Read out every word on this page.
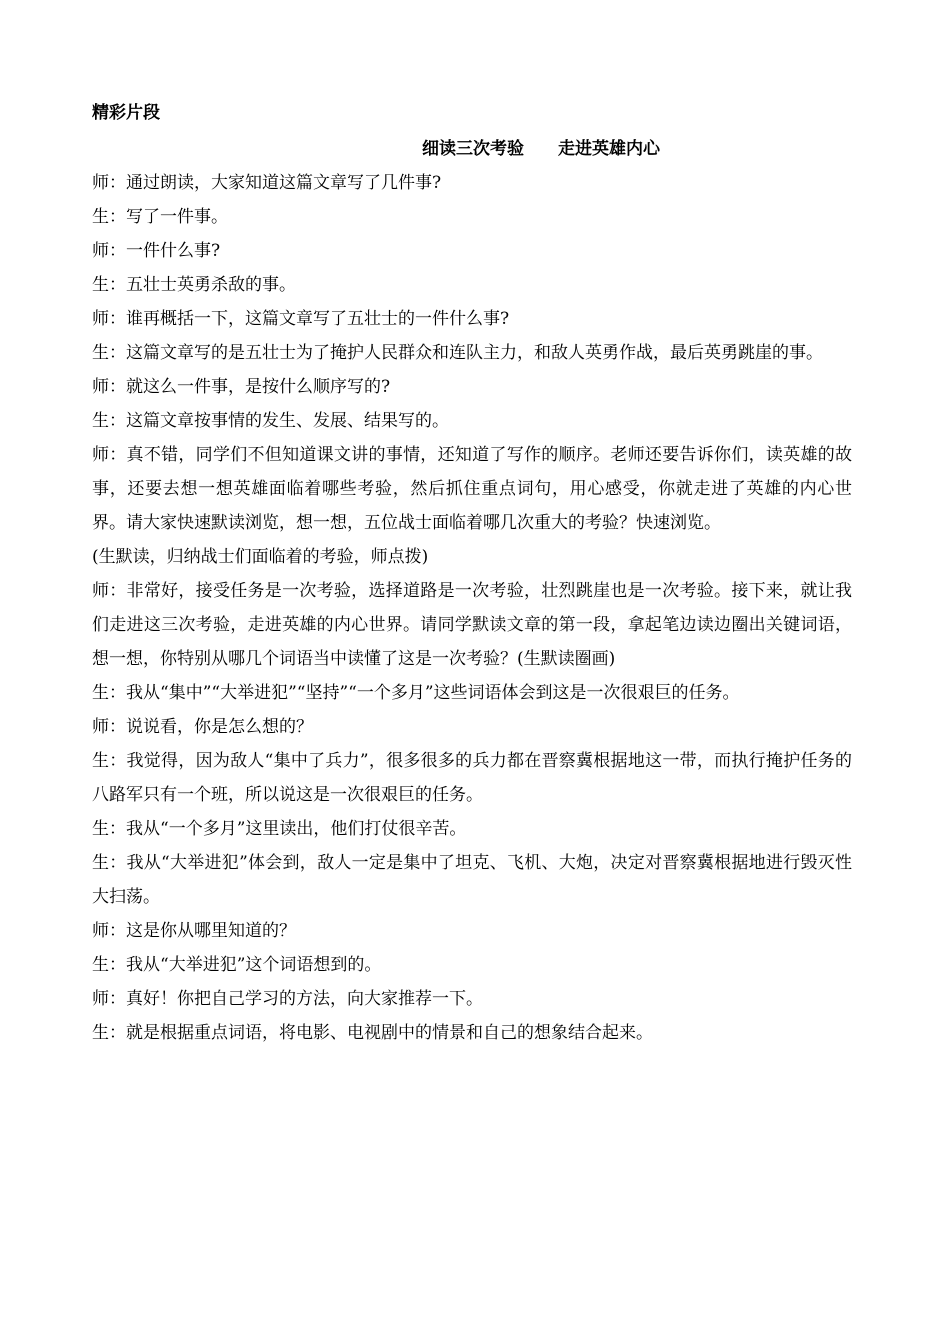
精彩片段
细读三次考验 走进英雄内心

师：通过朗读，大家知道这篇文章写了几件事?

生：写了一件事。

师：一件什么事?

生：五壮士英勇杀敌的事。

师：谁再概括一下，这篇文章写了五壮士的一件什么事?

生：这篇文章写的是五壮士为了掩护人民群众和连队主力，和敌人英勇作战，最后英勇跳崖的事。

师：就这么一件事，是按什么顺序写的?

生：这篇文章按事情的发生、发展、结果写的。

师：真不错，同学们不但知道课文讲的事情，还知道了写作的顺序。老师还要告诉你们，读英雄的故事，还要去想一想英雄面临着哪些考验，然后抓住重点词句，用心感受，你就走进了英雄的内心世界。请大家快速默读浏览，想一想，五位战士面临着哪几次重大的考验？快速浏览。

(生默读，归纳战士们面临着的考验，师点拨)

师：非常好，接受任务是一次考验，选择道路是一次考验，壮烈跳崖也是一次考验。接下来，就让我们走进这三次考验，走进英雄的内心世界。请同学默读文章的第一段，拿起笔边读边圈出关键词语，想一想，你特别从哪几个词语当中读懂了这是一次考验？(生默读圈画)

生：我从“集中”“大举进犯”“坚持”“一个多月”这些词语体会到这是一次很艰巨的任务。

师：说说看，你是怎么想的？

生：我觉得，因为敌人“集中了兵力”，很多很多的兵力都在晋察冀根据地这一带，而执行掩护任务的八路军只有一个班，所以说这是一次很艰巨的任务。

生：我从“一个多月”这里读出，他们打仗很辛苦。

生：我从“大举进犯”体会到，敌人一定是集中了坦克、飞机、大炮，决定对晋察冀根据地进行毁灭性大扫荡。

师：这是你从哪里知道的？

生：我从“大举进犯”这个词语想到的。

师：真好！你把自己学习的方法，向大家推荐一下。

生：就是根据重点词语，将电影、电视剧中的情景和自己的想象结合起来。
